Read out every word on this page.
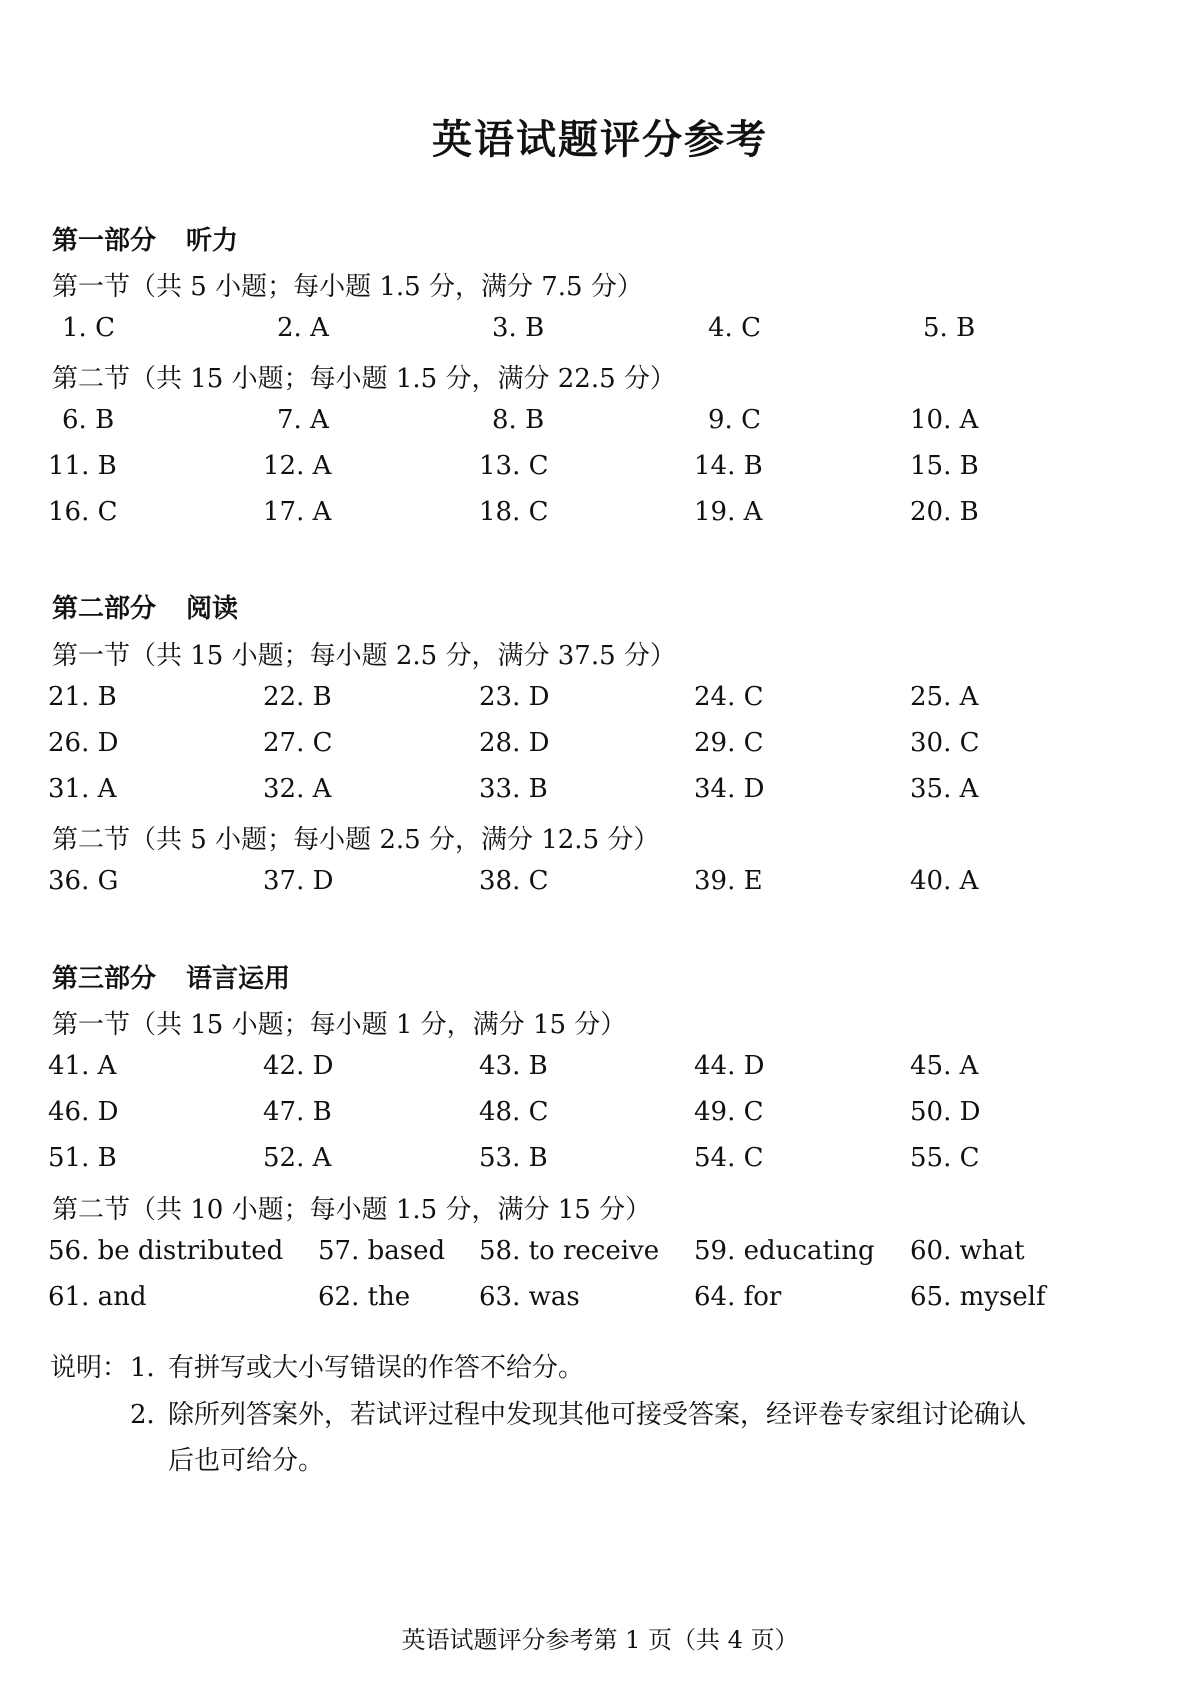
英语试题评分参考
第一部分 听力
第一节（共 5 小题；每小题 1.5 分，满分 7.5 分）
1. C	2. A	3. B	4. C	5. B
第二节（共 15 小题；每小题 1.5 分，满分 22.5 分）
6. B	7. A	8. B	9. C	10. A
11. B	12. A	13. C	14. B	15. B
16. C	17. A	18. C	19. A	20. B
第二部分 阅读
第一节（共 15 小题；每小题 2.5 分，满分 37.5 分）
21. B	22. B	23. D	24. C	25. A
26. D	27. C	28. D	29. C	30. C
31. A	32. A	33. B	34. D	35. A
第二节（共 5 小题；每小题 2.5 分，满分 12.5 分）
36. G	37. D	38. C	39. E	40. A
第三部分 语言运用
第一节（共 15 小题；每小题 1 分，满分 15 分）
41. A	42. D	43. B	44. D	45. A
46. D	47. B	48. C	49. C	50. D
51. B	52. A	53. B	54. C	55. C
第二节（共 10 小题；每小题 1.5 分，满分 15 分）
56. be distributed 57. based 58. to receive 59. educating 60. what
61. and	62. the	63. was	64. for	65. myself
说明： 1．
有拼写或大小写错误的作答不给分。
2．
除所列答案外，若试评过程中发现其他可接受答案，经评卷专家组讨论确认
后也可给分。
英语试题评分参考第 1 页（共 4 页）
